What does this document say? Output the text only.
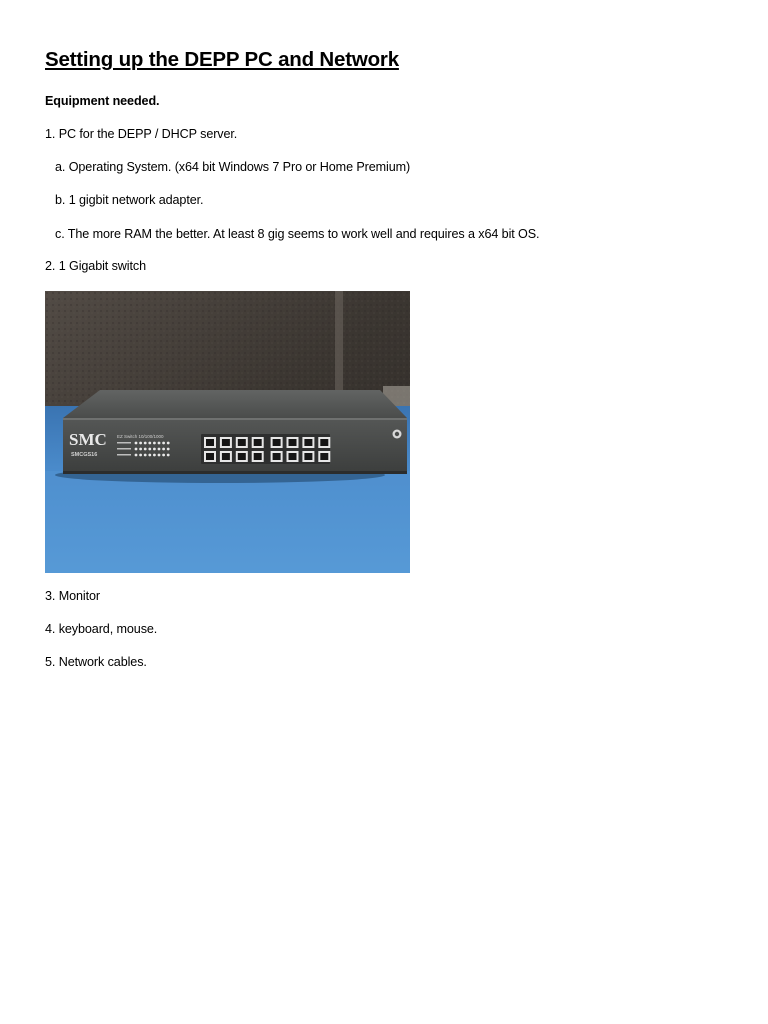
Setting up the DEPP PC and Network
Equipment needed.
1. PC for the DEPP / DHCP server.
a. Operating System. (x64 bit Windows 7 Pro or Home Premium)
b. 1 gigbit network adapter.
c. The more RAM the better. At least 8 gig seems to work well and requires a x64 bit OS.
2. 1 Gigabit switch
SMC
SMCGS16
EZ Switch 10/100/1000
3. Monitor
4. keyboard, mouse.
5. Network cables.
